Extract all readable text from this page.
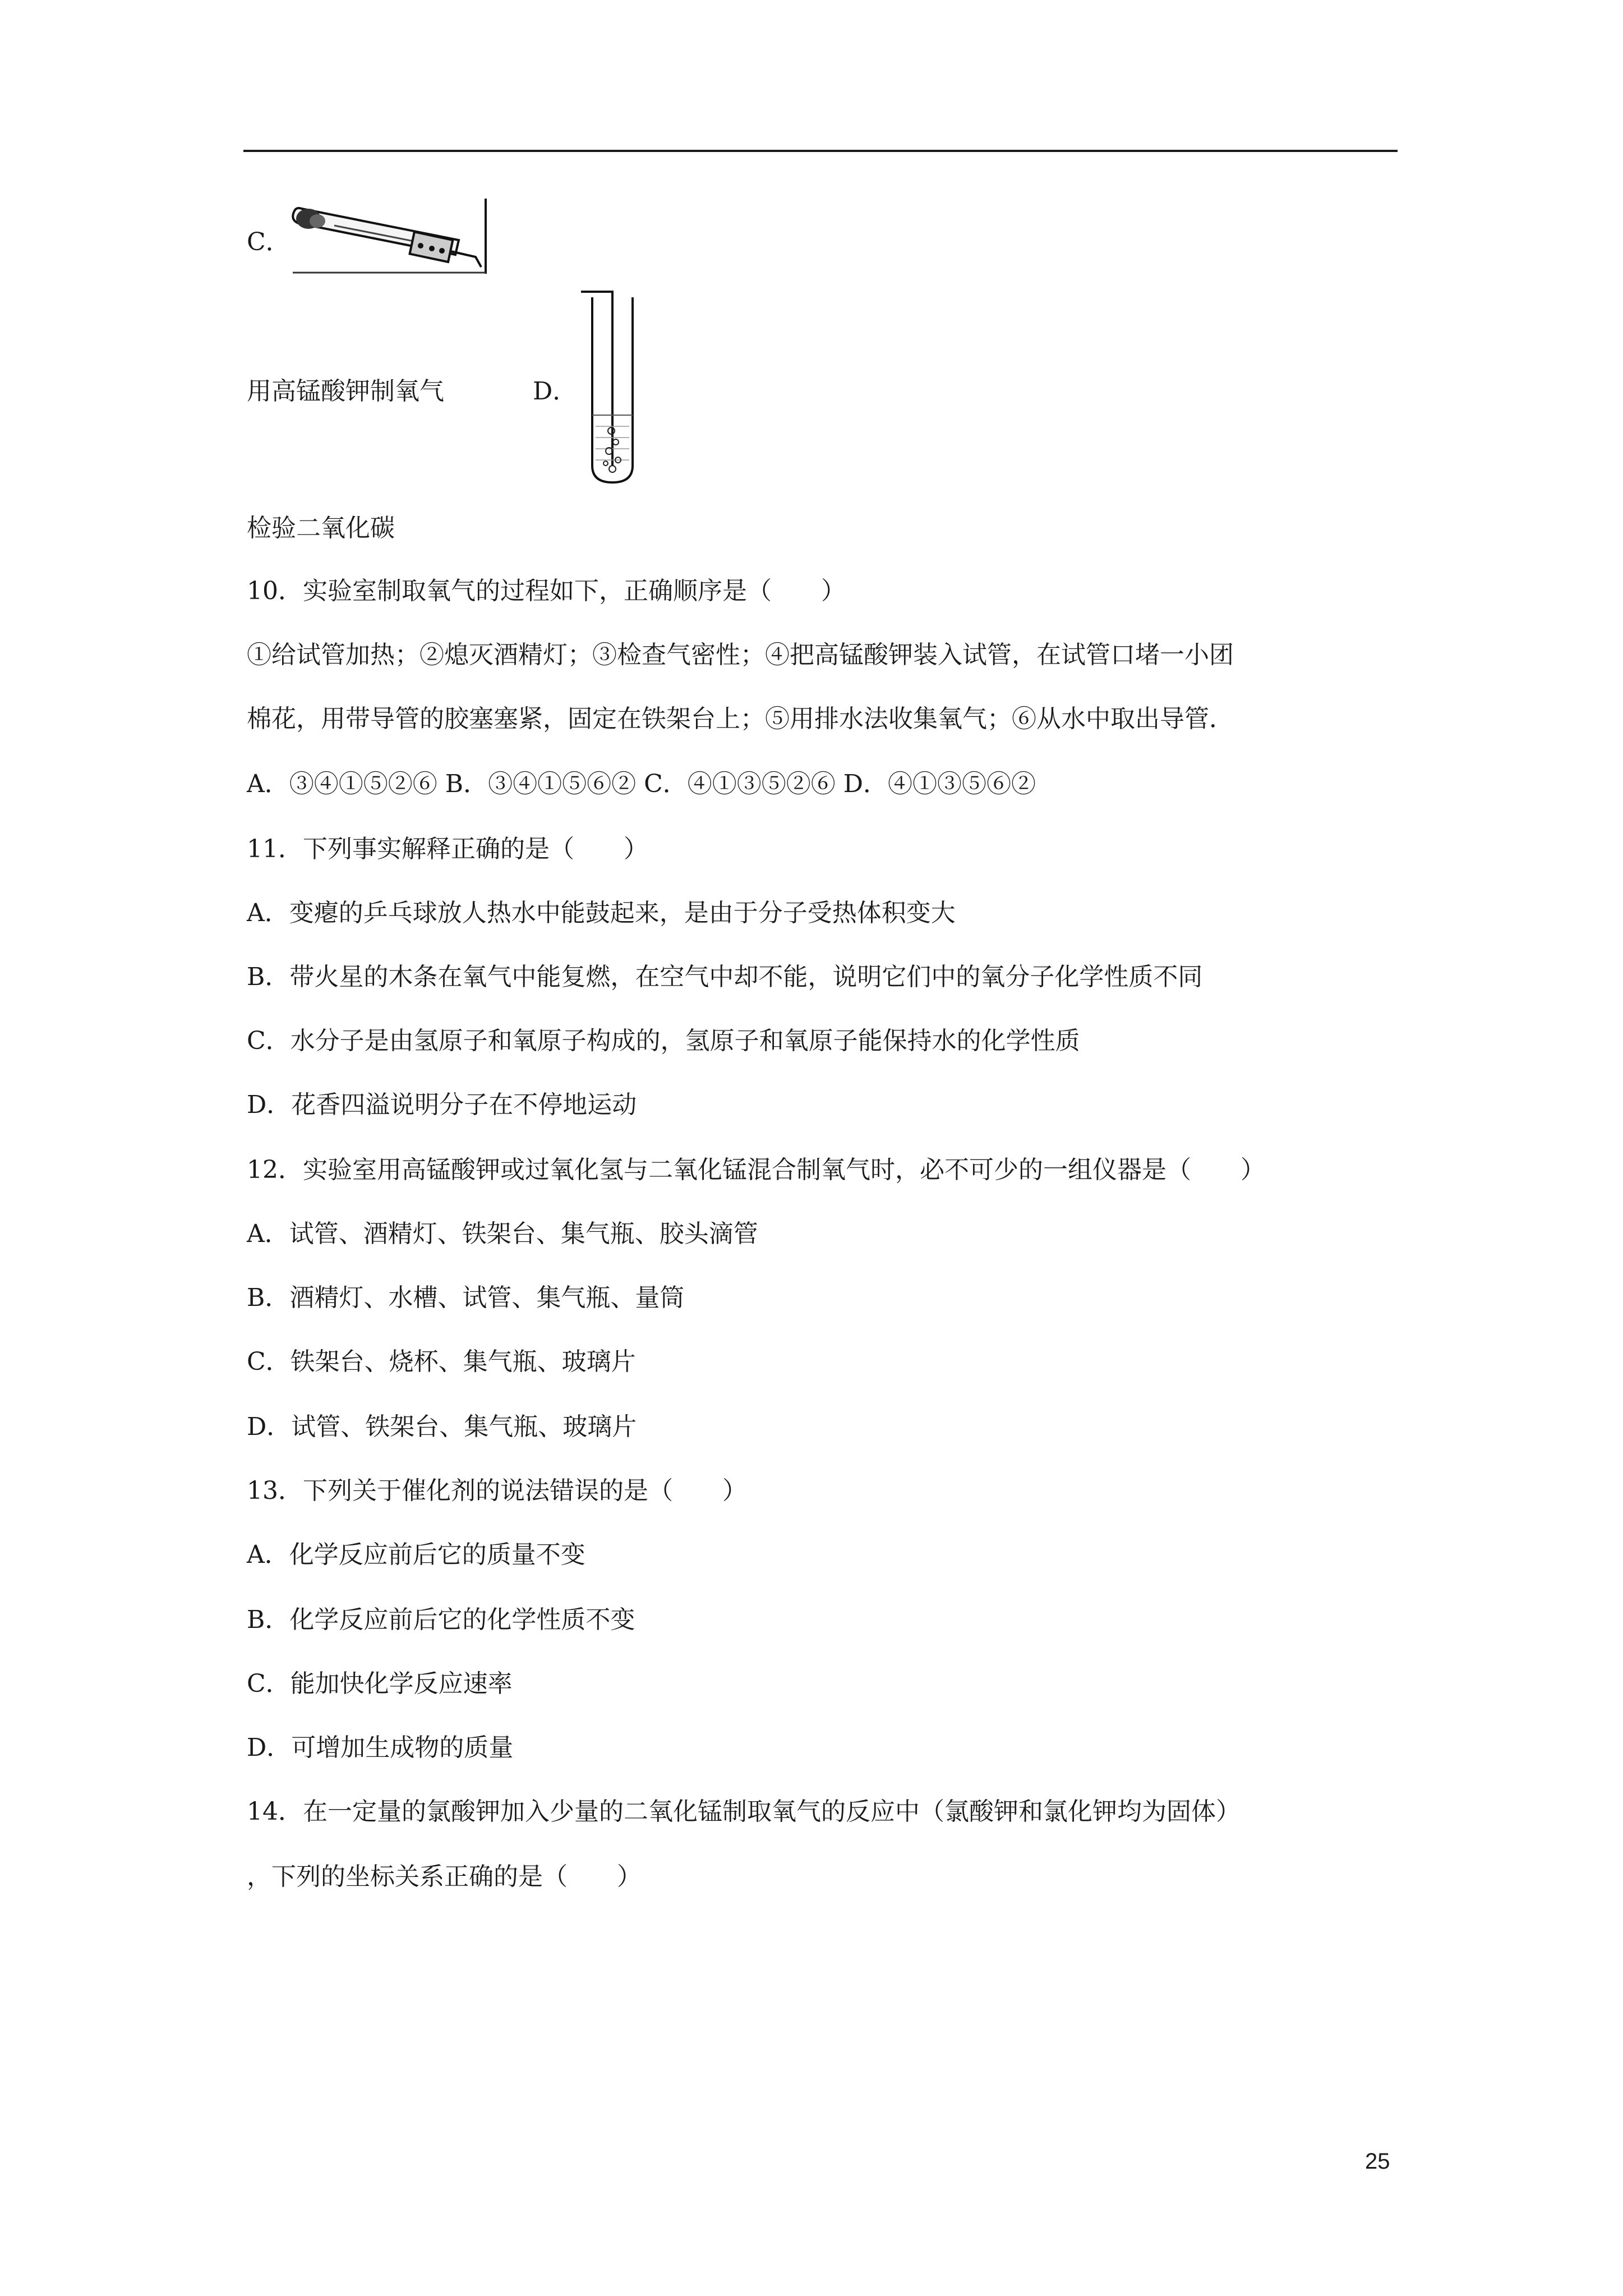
C．
用高锰酸钾制氧气	D．
检验二氧化碳
10．实验室制取氧气的过程如下，正确顺序是（　　）
①给试管加热；②熄灭酒精灯；③检查气密性；④把高锰酸钾装入试管，在试管口堵一小团
棉花，用带导管的胶塞塞紧，固定在铁架台上；⑤用排水法收集氧气；⑥从水中取出导管．
A．③④①⑤②⑥ B．③④①⑤⑥② C．④①③⑤②⑥ D．④①③⑤⑥②
11．下列事实解释正确的是（　　）
A．变瘪的乒乓球放人热水中能鼓起来，是由于分子受热体积变大
B．带火星的木条在氧气中能复燃，在空气中却不能，说明它们中的氧分子化学性质不同
C．水分子是由氢原子和氧原子构成的，氢原子和氧原子能保持水的化学性质
D．花香四溢说明分子在不停地运动
12．实验室用高锰酸钾或过氧化氢与二氧化锰混合制氧气时，必不可少的一组仪器是（　　）
A．试管、酒精灯、铁架台、集气瓶、胶头滴管
B．酒精灯、水槽、试管、集气瓶、量筒
C．铁架台、烧杯、集气瓶、玻璃片
D．试管、铁架台、集气瓶、玻璃片
13．下列关于催化剂的说法错误的是（　　）
A．化学反应前后它的质量不变
B．化学反应前后它的化学性质不变
C．能加快化学反应速率
D．可增加生成物的质量
14．在一定量的氯酸钾加入少量的二氧化锰制取氧气的反应中（氯酸钾和氯化钾均为固体）
，下列的坐标关系正确的是（　　）
25
